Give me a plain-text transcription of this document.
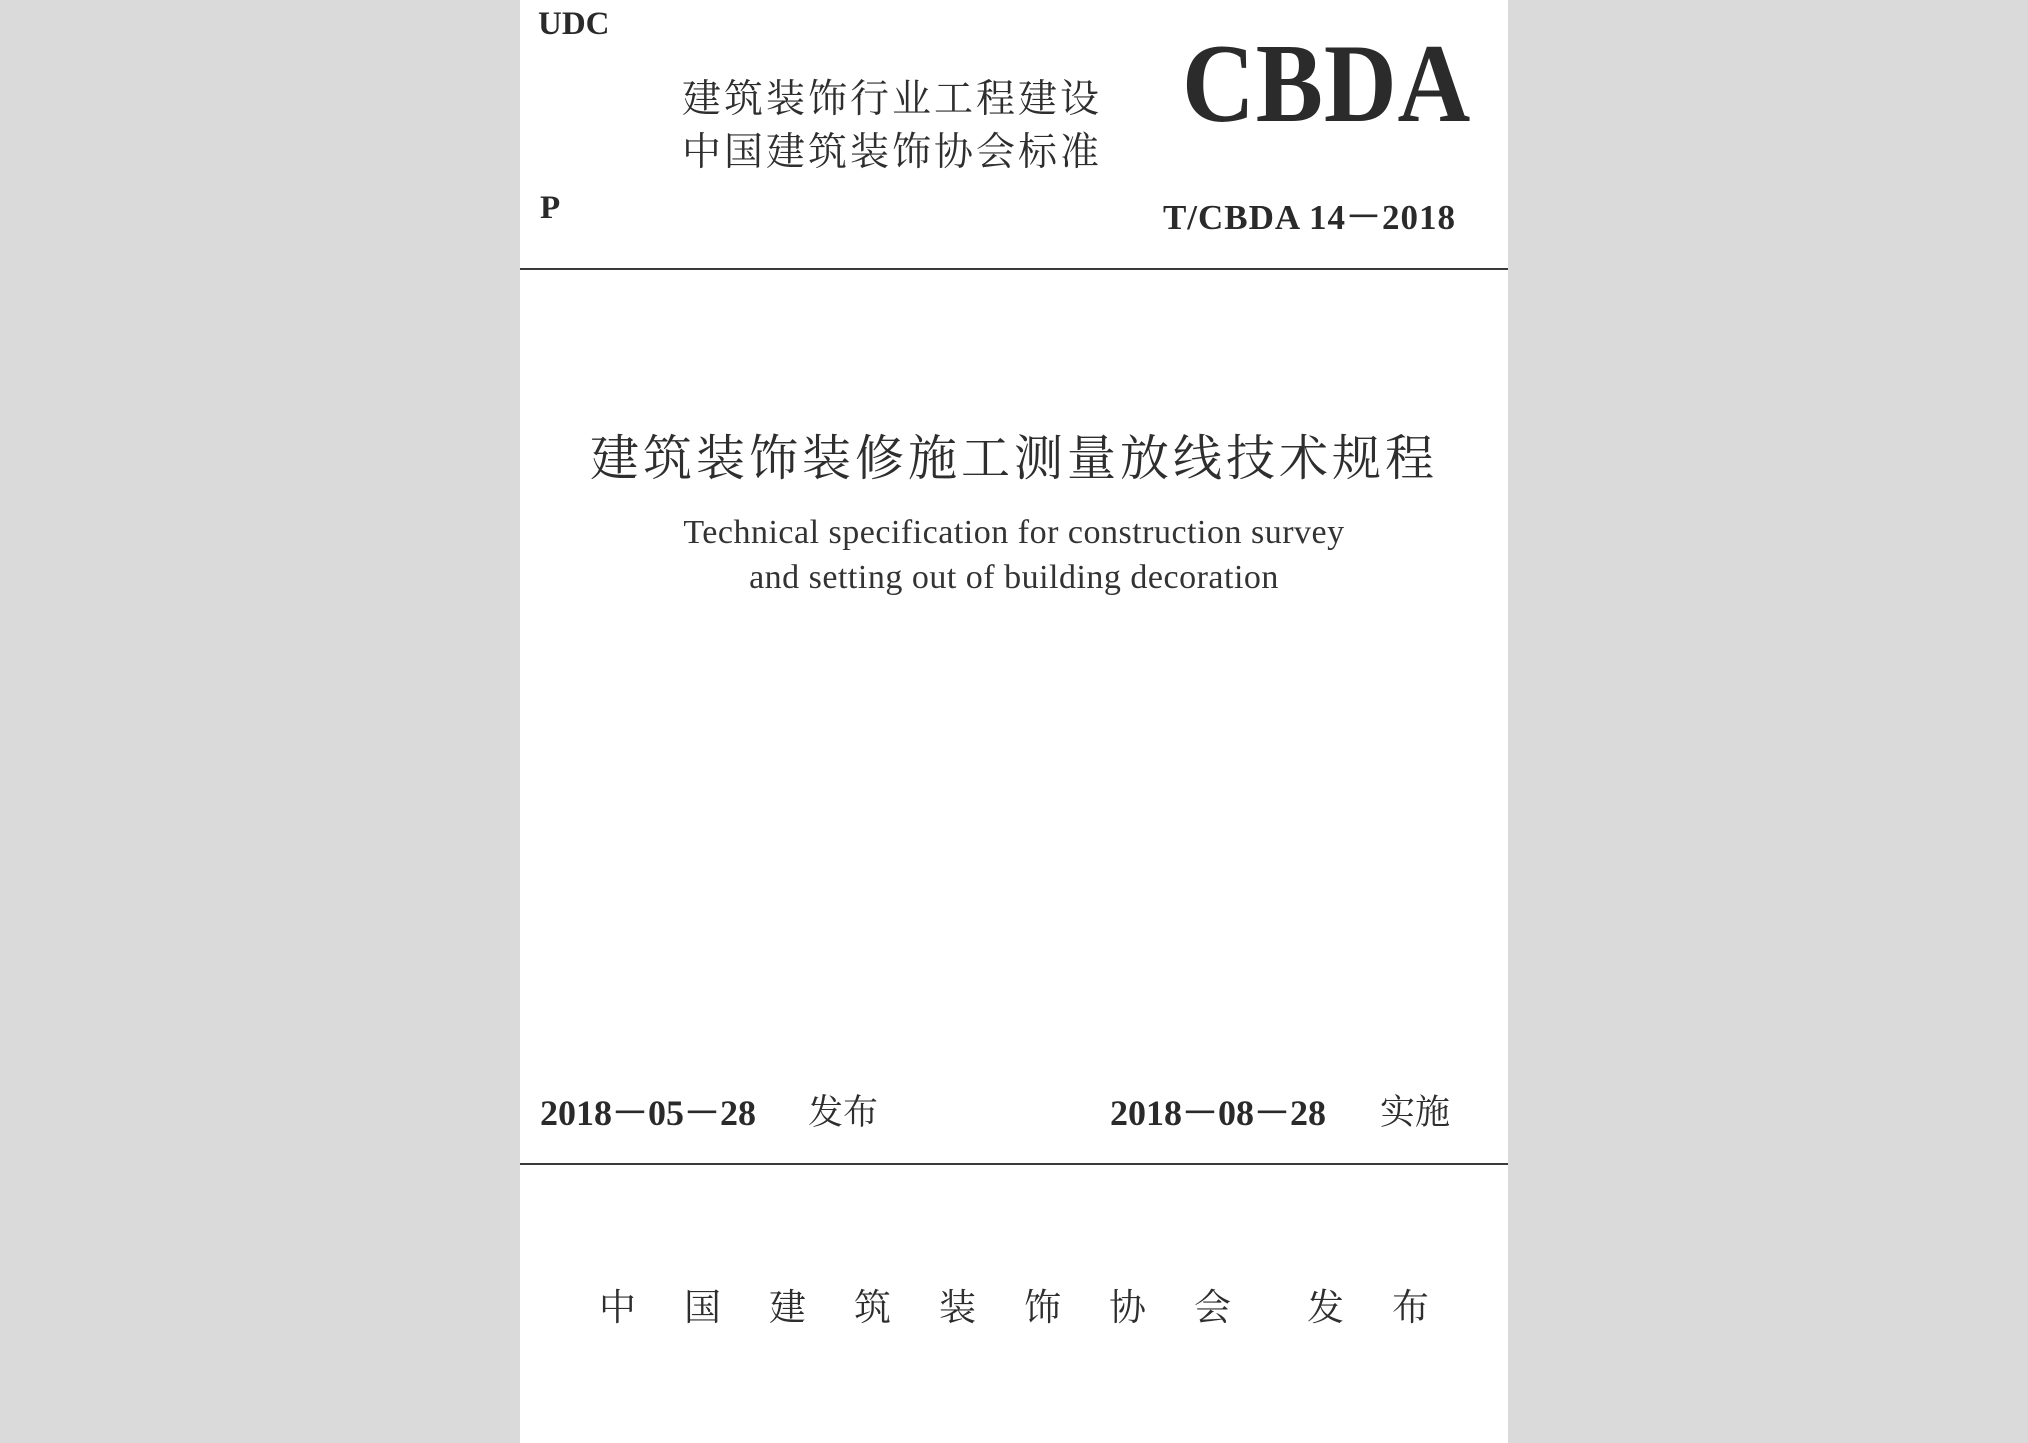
UDC
建筑装饰行业工程建设
中国建筑装饰协会标准
CBDA
P	T/CBDA 14－2018
建筑装饰装修施工测量放线技术规程
Technical specification for construction survey
and setting out of building decoration
2018－05－28 发布	2018－08－28 实施
中国建筑装饰协会 发布
